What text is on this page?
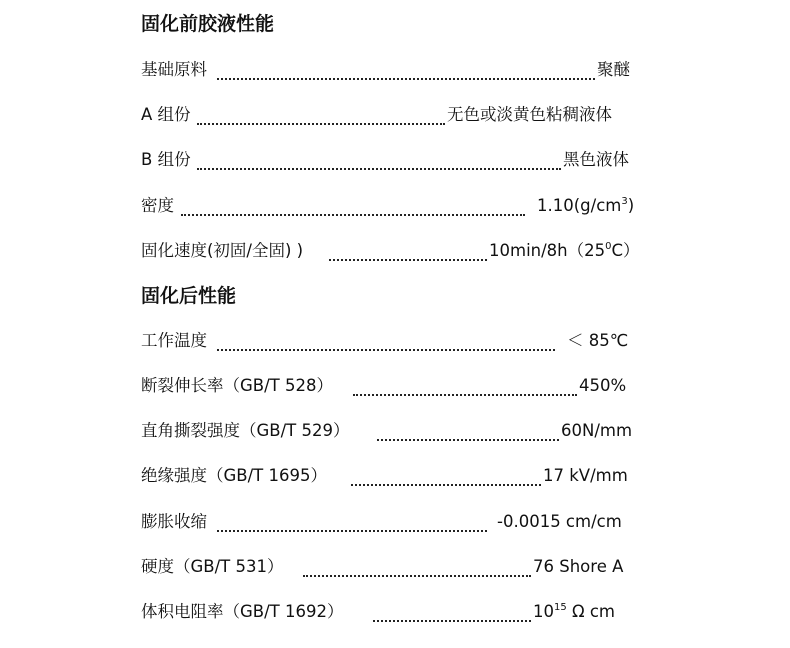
固化前胶液性能
基础原料	聚醚
A 组份	无色或淡黄色粘稠液体
B 组份	黑色液体
密度	$1.10(g/cm^3)$
固化速度(初固/全固) )	$10\min/8h(25^0C)$
固化后性能
工作温度	＜ 85℃
断裂伸长率（GB/T 528）	450%
直角撕裂强度（GB/T 529）	60N/mm
绝缘强度（GB/T 1695）	17 kV/mm
膨胀收缩	-0.0015 cm/cm
硬度（GB/T 531）	76 Shore A
体积电阻率（GB/T 1692）	$10^{15}$ Ω cm
